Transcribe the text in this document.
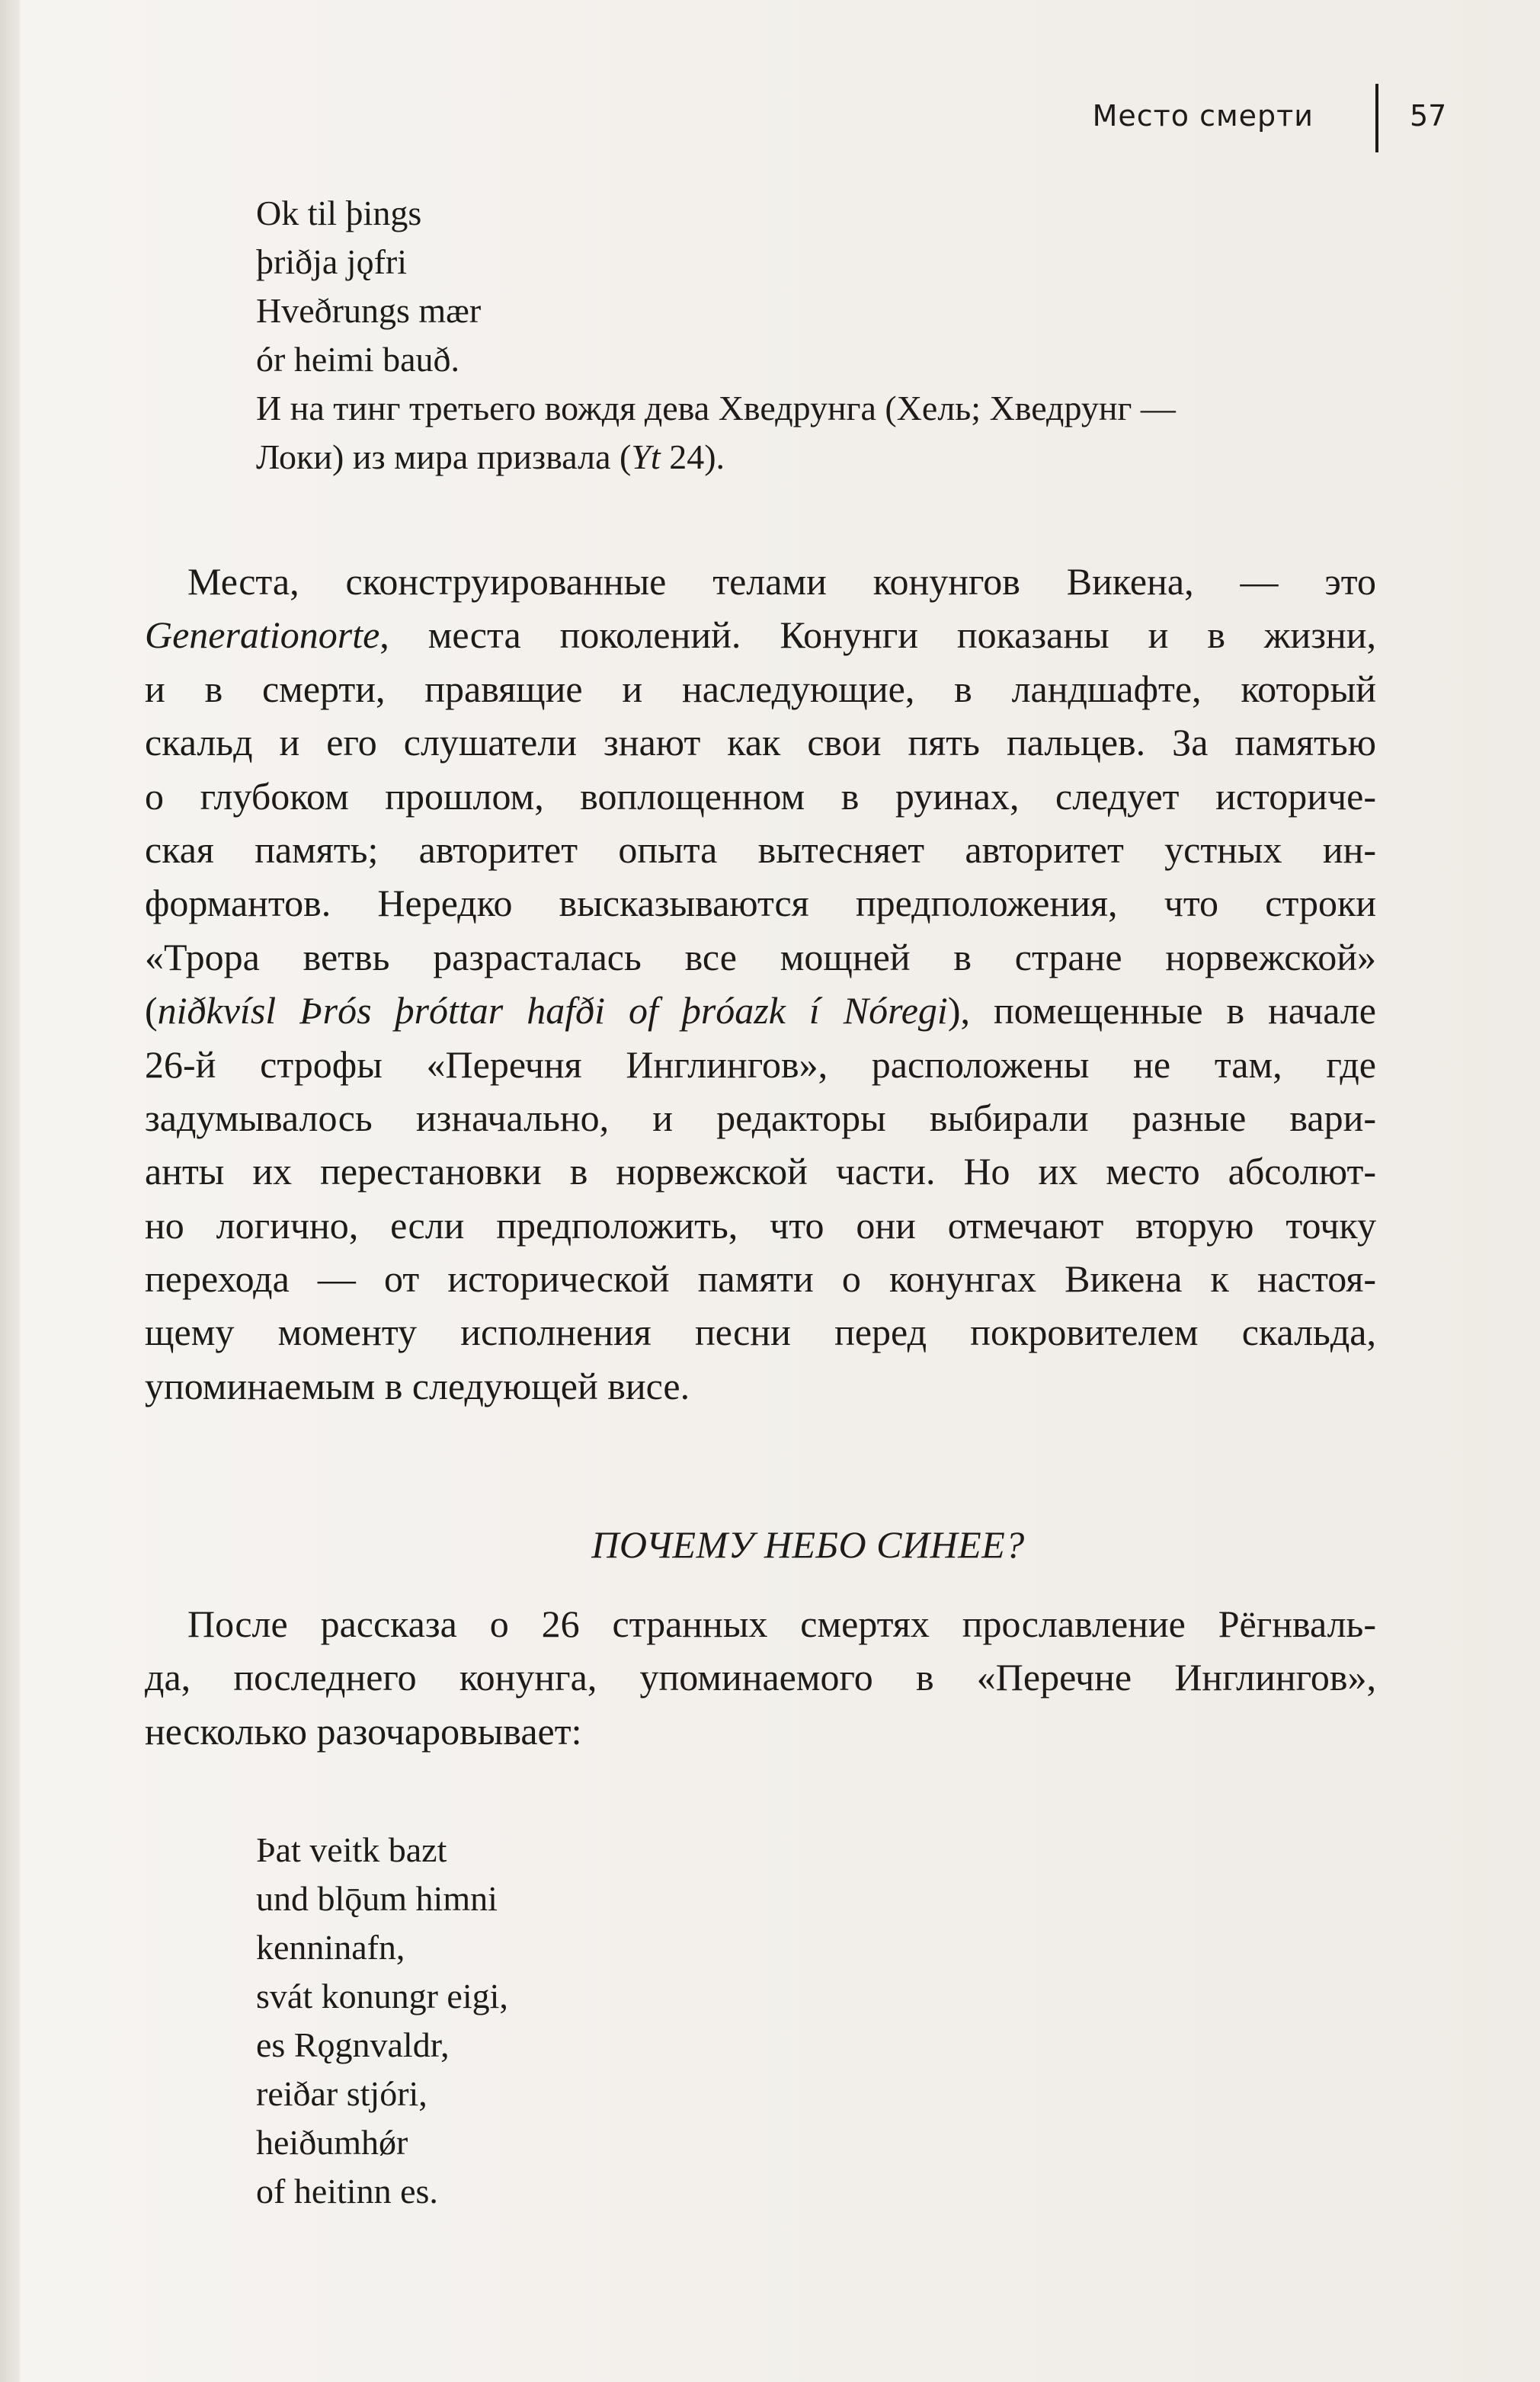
Место смерти	57
Ok til þings
þriðja jǫfri
Hveðrungs mær
ór heimi bauð.
И на тинг третьего вождя дева Хведрунга (Хель; Хведрунг —
Локи) из мира призвала (Yt 24).
Места, сконструированные телами конунгов Викена, — это
Generationorte, места поколений. Конунги показаны и в жизни,
и в смерти, правящие и наследующие, в ландшафте, который
скальд и его слушатели знают как свои пять пальцев. За памятью
о глубоком прошлом, воплощенном в руинах, следует историче-
ская память; авторитет опыта вытесняет авторитет устных ин-
формантов. Нередко высказываются предположения, что строки
«Трора ветвь разрасталась все мощней в стране норвежской»
(niðkvísl Þrós þróttar hafði of þróazk í Nóregi), помещенные в начале
26-й строфы «Перечня Инглингов», расположены не там, где
задумывалось изначально, и редакторы выбирали разные вари-
анты их перестановки в норвежской части. Но их место абсолют-
но логично, если предположить, что они отмечают вторую точку
перехода — от исторической памяти о конунгах Викена к настоя-
щему моменту исполнения песни перед покровителем скальда,
упоминаемым в следующей висе.
ПОЧЕМУ НЕБО СИНЕЕ?
После рассказа о 26 странных смертях прославление Рёгнваль-
да, последнего конунга, упоминаемого в «Перечне Инглингов»,
несколько разочаровывает:
Þat veitk bazt
und blǭum himni
kenninafn,
svát konungr eigi,
es Rǫgnvaldr,
reiðar stjóri,
heiðumhǿr
of heitinn es.
